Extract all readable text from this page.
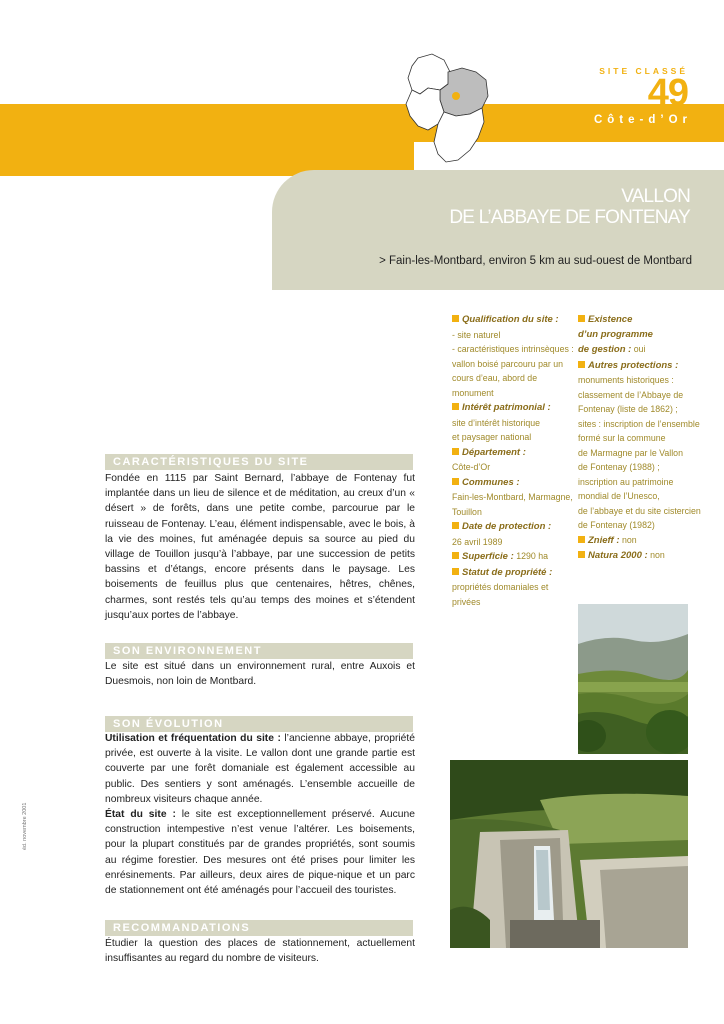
SITE CLASSÉ
49
Côte-d’Or
VALLON
DE L’ABBAYE DE FONTENAY
> Fain-les-Montbard, environ 5 km au sud-ouest de Montbard
Qualification du site :
- site naturel
- caractéristiques intrinsèques :
vallon boisé parcouru par un
cours d’eau, abord de monument
Intérêt patrimonial :
site d’intérêt historique
et paysager national
Département :
Côte-d’Or
Communes :
Fain-les-Montbard, Marmagne,
Touillon
Date de protection :
26 avril 1989
Superficie : 1290 ha
Statut de propriété :
propriétés domaniales et privées
Existence
d’un programme
de gestion : oui
Autres protections :
monuments historiques :
classement de l’Abbaye de
Fontenay (liste de 1862) ;
sites : inscription de l’ensemble
formé sur la commune
de Marmagne par le Vallon
de Fontenay (1988) ;
inscription au patrimoine
mondial de l’Unesco,
de l’abbaye et du site cistercien
de Fontenay (1982)
Znieff : non
Natura 2000 : non
CARACTÉRISTIQUES DU SITE
Fondée en 1115 par Saint Bernard, l’abbaye de Fontenay fut implantée dans un lieu de silence et de méditation, au creux d’un « désert » de forêts, dans une petite combe, parcourue par le ruisseau de Fontenay. L’eau, élément indispensable, avec le bois, à la vie des moines, fut aménagée depuis sa source au pied du village de Touillon jusqu’à l’abbaye, par une succession de petits bassins et d’étangs, encore présents dans le paysage. Les boisements de feuillus plus que centenaires, hêtres, chênes, charmes, sont restés tels qu’au temps des moines et s’étendent jusqu’aux portes de l’abbaye.
SON ENVIRONNEMENT
Le site est situé dans un environnement rural, entre Auxois et Duesmois, non loin de Montbard.
SON ÉVOLUTION
Utilisation et fréquentation du site : l’ancienne abbaye, propriété privée, est ouverte à la visite. Le vallon dont une grande partie est couverte par une forêt domaniale est également accessible au public. Des sentiers y sont aménagés. L’ensemble accueille de nombreux visiteurs chaque année.
État du site : le site est exceptionnellement préservé. Aucune construction intempestive n’est venue l’altérer. Les boisements, pour la plupart constitués par de grandes propriétés, sont soumis au régime forestier. Des mesures ont été prises pour limiter les enrésinements. Par ailleurs, deux aires de pique-nique et un parc de stationnement ont été aménagés pour l’accueil des touristes.
RECOMMANDATIONS
Étudier la question des places de stationnement, actuellement insuffisantes au regard du nombre de visiteurs.
éd. novembre 2001
